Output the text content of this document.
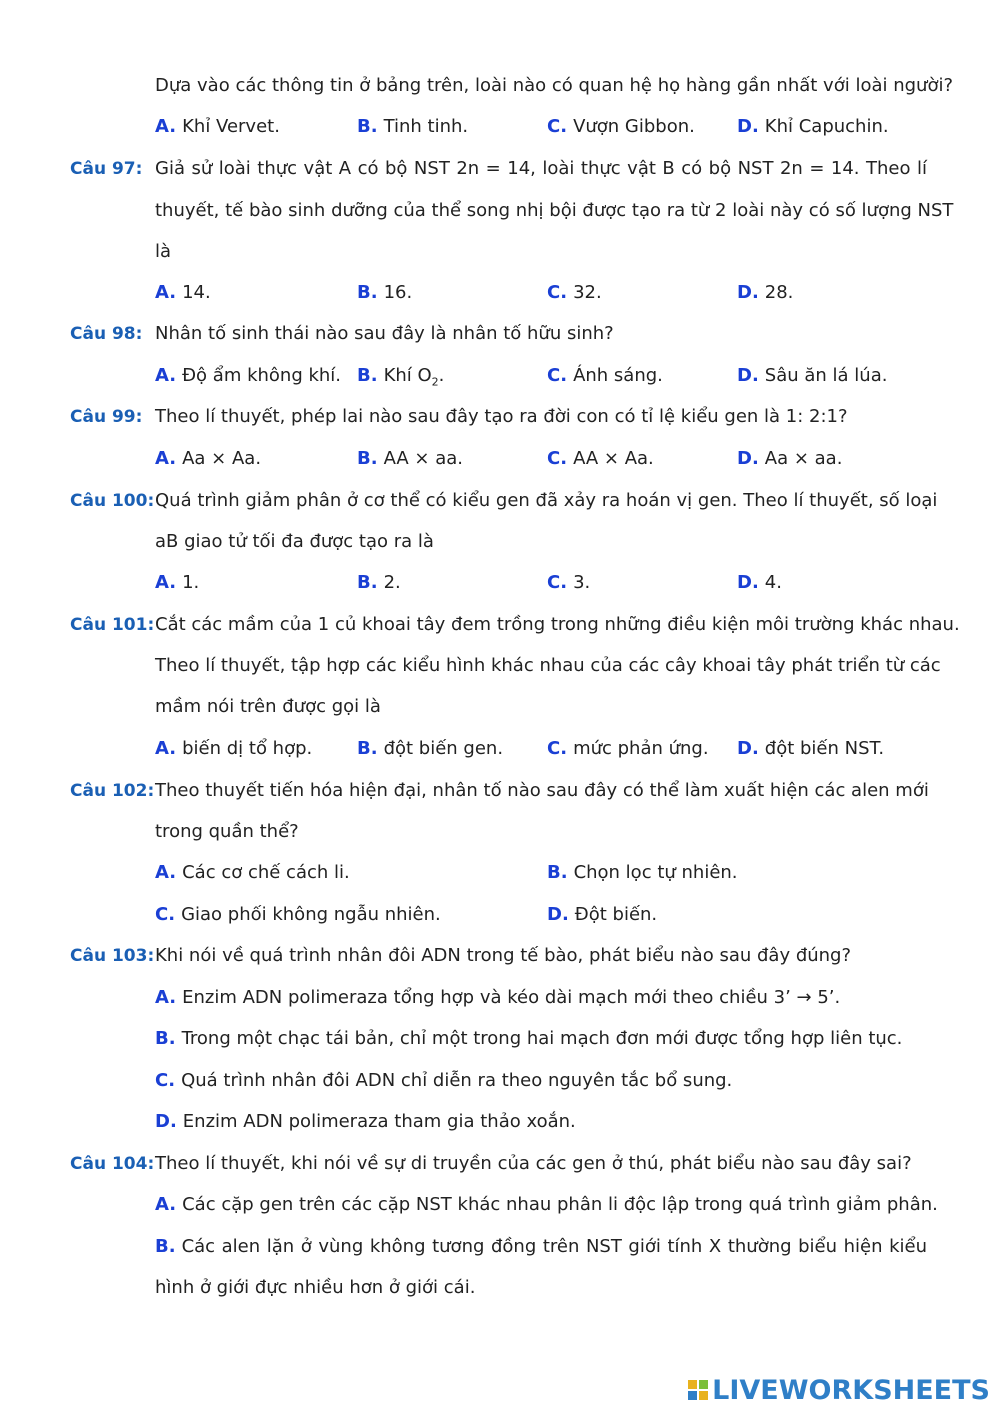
Dựa vào các thông tin ở bảng trên, loài nào có quan hệ họ hàng gần nhất với loài người?
A. Khỉ Vervet.	B. Tinh tinh.	C. Vượn Gibbon. D. Khỉ Capuchin.
Câu 97: Giả sử loài thực vật A có bộ NST 2n = 14, loài thực vật B có bộ NST 2n = 14. Theo lí
thuyết, tế bào sinh dưỡng của thể song nhị bội được tạo ra từ 2 loài này có số lượng NST
là
A. 14.	B. 16.	C. 32.	D. 28.
Câu 98: Nhân tố sinh thái nào sau đây là nhân tố hữu sinh?
A. Độ ẩm không khí. B. Khí $O_2$.	C. Ánh sáng.	D. Sâu ăn lá lúa.
Câu 99: Theo lí thuyết, phép lai nào sau đây tạo ra đời con có tỉ lệ kiểu gen là 1: 2:1?
A. Aa × Aa.	B. AA × aa.	C. AA × Aa.	D. Aa × aa.
Câu 100: Quá trình giảm phân ở cơ thể có kiểu gen đã xảy ra hoán vị gen. Theo lí thuyết, số loại
aB giao tử tối đa được tạo ra là
A. 1.	B. 2.	C. 3.	D. 4.
Câu 101: Cắt các mầm của 1 củ khoai tây đem trồng trong những điều kiện môi trường khác nhau.
Theo lí thuyết, tập hợp các kiểu hình khác nhau của các cây khoai tây phát triển từ các
mầm nói trên được gọi là
A. biến dị tổ hợp. B. đột biến gen. C. mức phản ứng. D. đột biến NST.
Câu 102: Theo thuyết tiến hóa hiện đại, nhân tố nào sau đây có thể làm xuất hiện các alen mới
trong quần thể?
A. Các cơ chế cách li.	B. Chọn lọc tự nhiên.
C. Giao phối không ngẫu nhiên.	D. Đột biến.
Câu 103: Khi nói về quá trình nhân đôi ADN trong tế bào, phát biểu nào sau đây đúng?
A. Enzim ADN polimeraza tổng hợp và kéo dài mạch mới theo chiều 3’ → 5’.
B. Trong một chạc tái bản, chỉ một trong hai mạch đơn mới được tổng hợp liên tục.
C. Quá trình nhân đôi ADN chỉ diễn ra theo nguyên tắc bổ sung.
D. Enzim ADN polimeraza tham gia thảo xoắn.
Câu 104: Theo lí thuyết, khi nói về sự di truyền của các gen ở thú, phát biểu nào sau đây sai?
A. Các cặp gen trên các cặp NST khác nhau phân li độc lập trong quá trình giảm phân.
B. Các alen lặn ở vùng không tương đồng trên NST giới tính X thường biểu hiện kiểu
hình ở giới đực nhiều hơn ở giới cái.
LIVEWORKSHEETS
